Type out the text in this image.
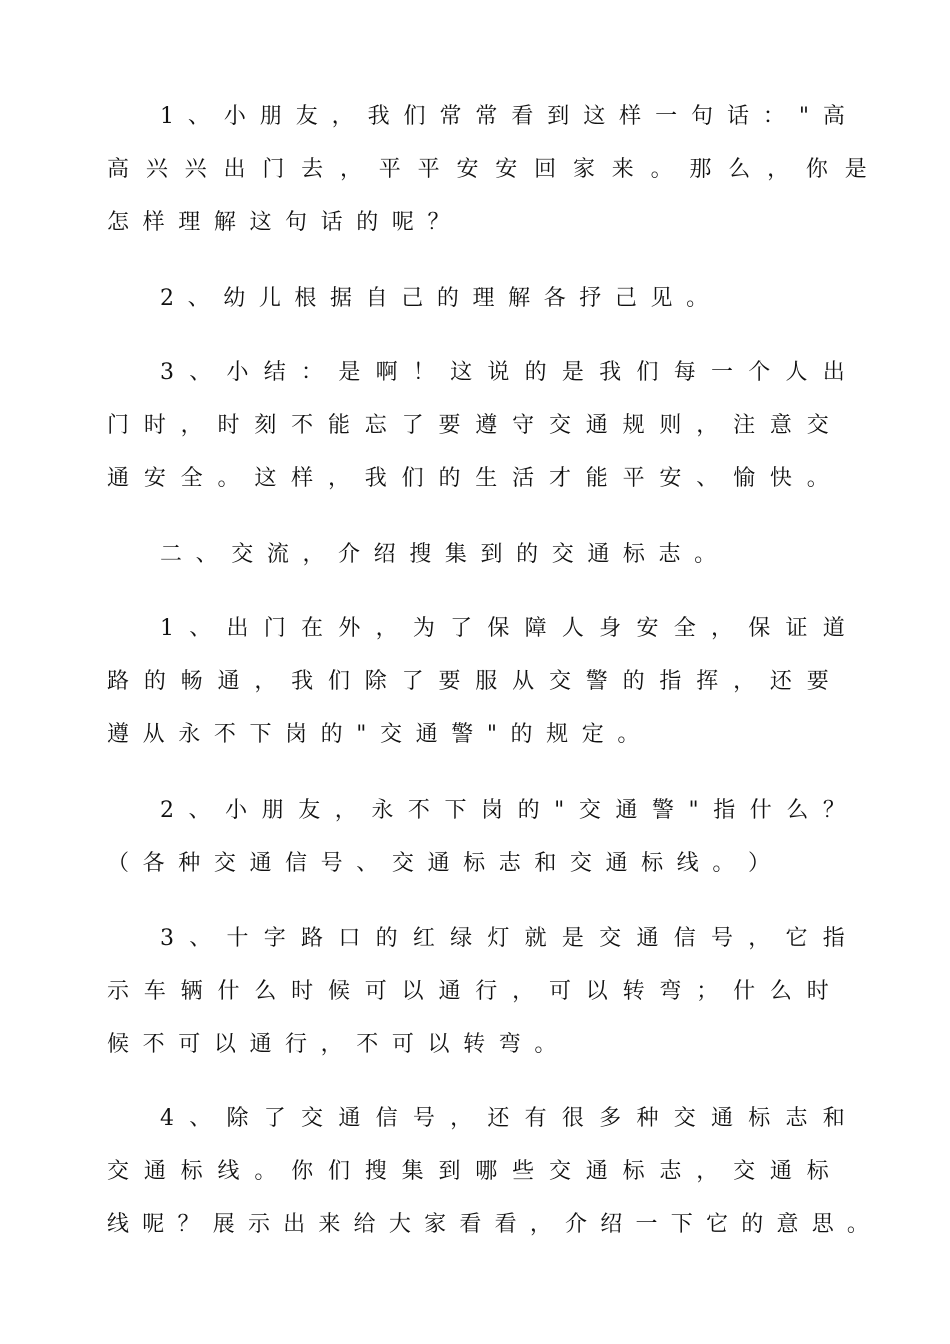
1 、 小 朋 友 ， 我 们 常 常 看 到 这 样 一 句 话 ： " 高
高 兴 兴 出 门 去 ， 平 平 安 安 回 家 来 。 那 么 ， 你 是
怎 样 理 解 这 句 话 的 呢 ？
2 、 幼 儿 根 据 自 己 的 理 解 各 抒 己 见 。
3 、 小 结 ： 是 啊 ！ 这 说 的 是 我 们 每 一 个 人 出
门 时 ， 时 刻 不 能 忘 了 要 遵 守 交 通 规 则 ， 注 意 交
通 安 全 。 这 样 ， 我 们 的 生 活 才 能 平 安 、 愉 快 。
二 、 交 流 ， 介 绍 搜 集 到 的 交 通 标 志 。
1 、 出 门 在 外 ， 为 了 保 障 人 身 安 全 ， 保 证 道
路 的 畅 通 ， 我 们 除 了 要 服 从 交 警 的 指 挥 ， 还 要
遵 从 永 不 下 岗 的 " 交 通 警 " 的 规 定 。
2 、 小 朋 友 ， 永 不 下 岗 的 " 交 通 警 " 指 什 么 ？
（ 各 种 交 通 信 号 、 交 通 标 志 和 交 通 标 线 。 ）
3 、 十 字 路 口 的 红 绿 灯 就 是 交 通 信 号 ， 它 指
示 车 辆 什 么 时 候 可 以 通 行 ， 可 以 转 弯 ； 什 么 时
候 不 可 以 通 行 ， 不 可 以 转 弯 。
4 、 除 了 交 通 信 号 ， 还 有 很 多 种 交 通 标 志 和
交 通 标 线 。 你 们 搜 集 到 哪 些 交 通 标 志 ， 交 通 标
线 呢 ？ 展 示 出 来 给 大 家 看 看 ， 介 绍 一 下 它 的 意 思 。
